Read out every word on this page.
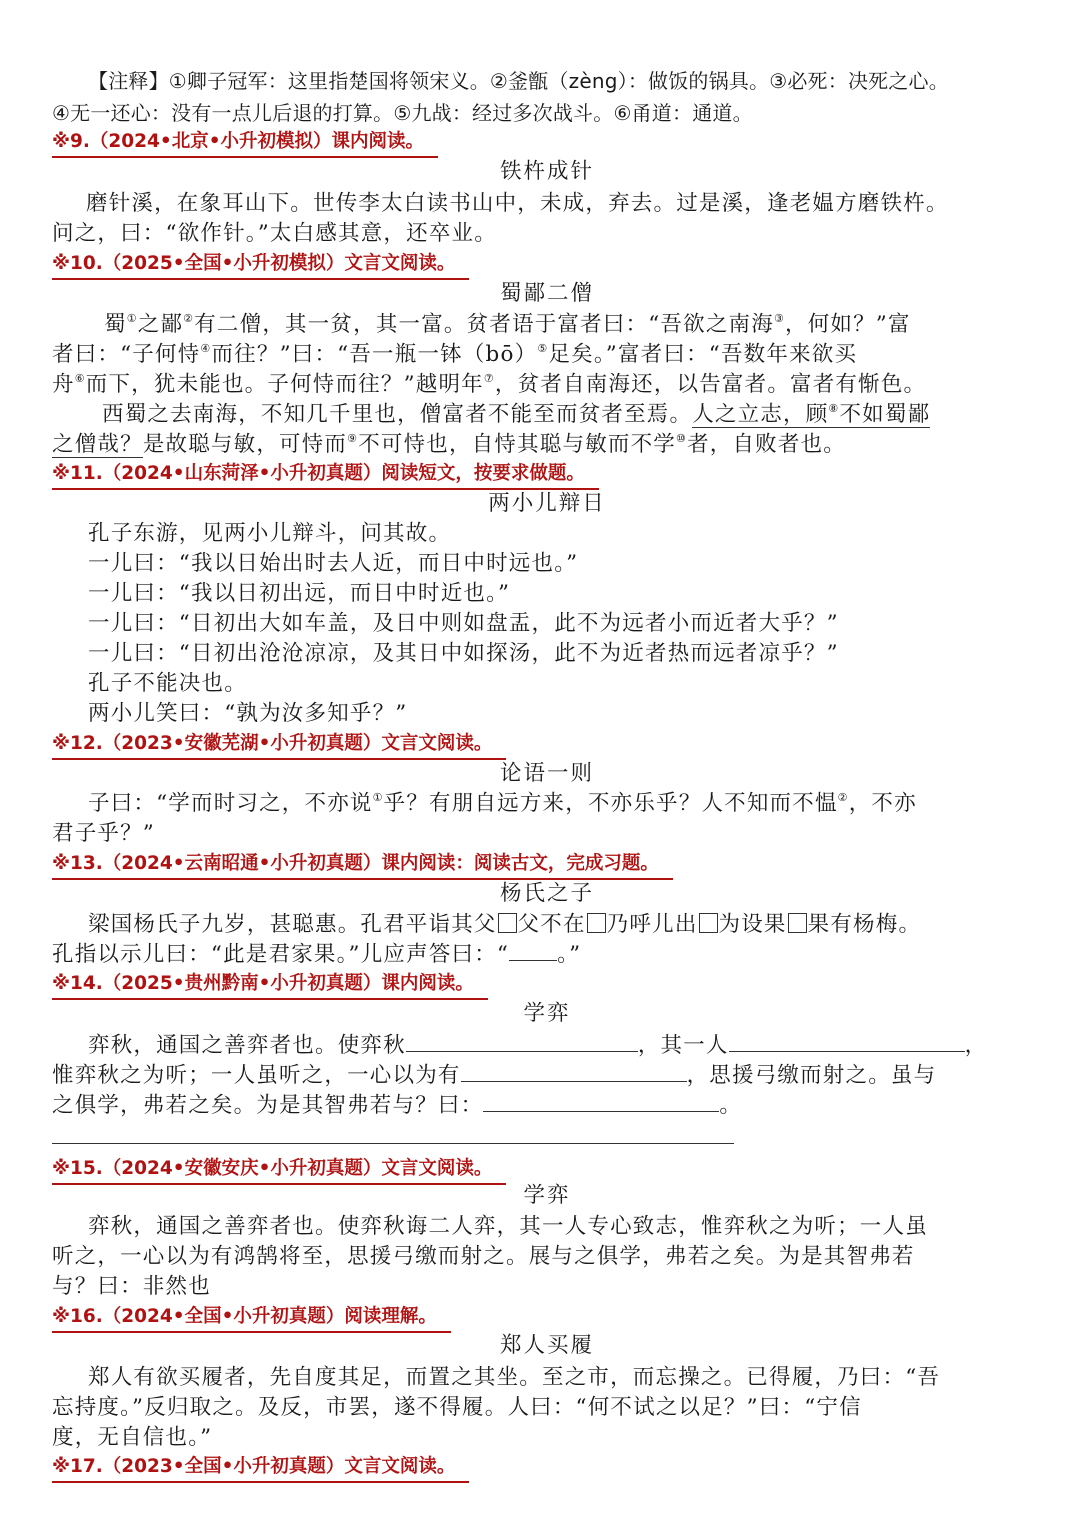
【注释】①卿子冠军：这里指楚国将领宋义。②釜甑（zèng）：做饭的锅具。③必死：决死之心。
④无一还心：没有一点儿后退的打算。⑤九战：经过多次战斗。⑥甬道：通道。
※9.（2024•北京•小升初模拟）课内阅读。
铁杵成针
磨针溪，在象耳山下。世传李太白读书山中，未成，弃去。过是溪，逢老媪方磨铁杵。
问之，曰：“欲作针。”太白感其意，还卒业。
※10.（2025•全国•小升初模拟）文言文阅读。
蜀鄙二僧
蜀①之鄙②有二僧，其一贫，其一富。贫者语于富者曰：“吾欲之南海③，何如？”富
者曰：“子何恃④而往？”曰：“吾一瓶一钵（bō）⑤足矣。”富者曰：“吾数年来欲买
舟⑥而下，犹未能也。子何恃而往？”越明年⑦，贫者自南海还，以告富者。富者有惭色。
西蜀之去南海，不知几千里也，僧富者不能至而贫者至焉。人之立志，顾⑧不如蜀鄙
之僧哉？是故聪与敏，可恃而⑨不可恃也，自恃其聪与敏而不学⑩者，自败者也。
※11.（2024•山东菏泽•小升初真题）阅读短文，按要求做题。
两小儿辩日
孔子东游，见两小儿辩斗，问其故。
一儿曰：“我以日始出时去人近，而日中时远也。”
一儿曰：“我以日初出远，而日中时近也。”
一儿曰：“日初出大如车盖，及日中则如盘盂，此不为远者小而近者大乎？”
一儿曰：“日初出沧沧凉凉，及其日中如探汤，此不为近者热而远者凉乎？”
孔子不能决也。
两小儿笑曰：“孰为汝多知乎？”
※12.（2023•安徽芜湖•小升初真题）文言文阅读。
论语一则
子曰：“学而时习之，不亦说①乎？有朋自远方来，不亦乐乎？人不知而不愠②，不亦
君子乎？”
※13.（2024•云南昭通•小升初真题）课内阅读：阅读古文，完成习题。
杨氏之子
梁国杨氏子九岁，甚聪惠。孔君平诣其父 父不在 乃呼儿出 为设果 果有杨梅。
孔指以示儿曰：“此是君家果。”儿应声答曰：“ 。”
※14.（2025•贵州黔南•小升初真题）课内阅读。
学弈
弈秋，通国之善弈者也。使弈秋	，其一人	，
惟弈秋之为听；一人虽听之，一心以为有	，思援弓缴而射之。虽与
之俱学，弗若之矣。为是其智弗若与？曰：	。
※15.（2024•安徽安庆•小升初真题）文言文阅读。
学弈
弈秋，通国之善弈者也。使弈秋诲二人弈，其一人专心致志，惟弈秋之为听；一人虽
听之，一心以为有鸿鹄将至，思援弓缴而射之。展与之俱学，弗若之矣。为是其智弗若
与？曰：非然也
※16.（2024•全国•小升初真题）阅读理解。
郑人买履
郑人有欲买履者，先自度其足，而置之其坐。至之市，而忘操之。已得履，乃曰：“吾
忘持度。”反归取之。及反，市罢，遂不得履。人曰：“何不试之以足？”曰：“宁信
度，无自信也。”
※17.（2023•全国•小升初真题）文言文阅读。
